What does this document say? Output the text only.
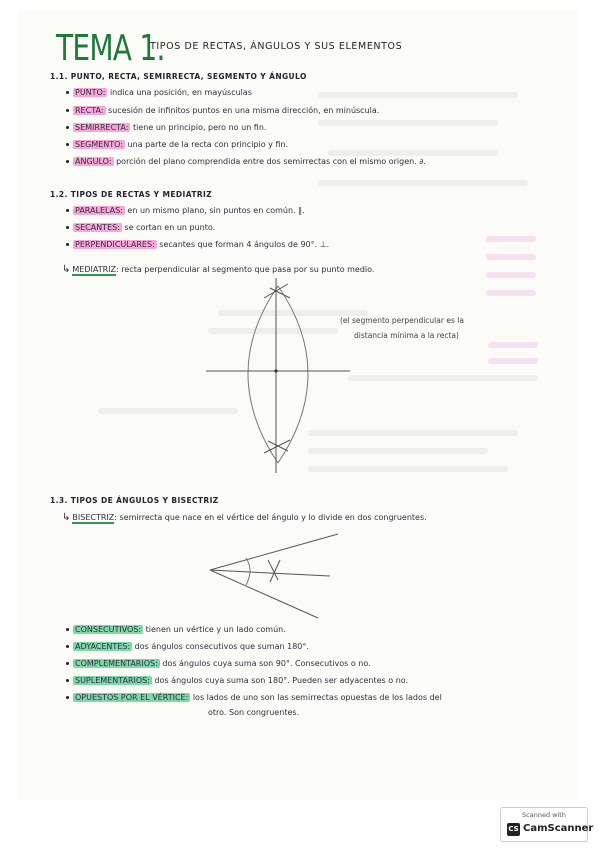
TEMA 1.
TIPOS DE RECTAS, ÁNGULOS Y SUS ELEMENTOS
1.1. PUNTO, RECTA, SEMIRRECTA, SEGMENTO Y ÁNGULO
PUNTO: indica una posición, en mayúsculas
RECTA: sucesión de infinitos puntos en una misma dirección, en minúscula.
SEMIRRECTA: tiene un principio, pero no un fin.
SEGMENTO: una parte de la recta con principio y fin.
ÁNGULO: porción del plano comprendida entre dos semirrectas con el mismo origen. ∂.
1.2. TIPOS DE RECTAS Y MEDIATRIZ
PARALELAS: en un mismo plano, sin puntos en común. ∥.
SECANTES: se cortan en un punto.
PERPENDICULARES: secantes que forman 4 ángulos de 90°. ⊥.
↳ MEDIATRIZ: recta perpendicular al segmento que pasa por su punto medio.
(el segmento perpendicular es la
distancia mínima a la recta)
1.3. TIPOS DE ÁNGULOS Y BISECTRIZ
↳ BISECTRIZ: semirrecta que nace en el vértice del ángulo y lo divide en dos congruentes.
CONSECUTIVOS: tienen un vértice y un lado común.
ADYACENTES: dos ángulos consecutivos que suman 180°.
COMPLEMENTARIOS: dos ángulos cuya suma son 90°. Consecutivos o no.
SUPLEMENTARIOS: dos ángulos cuya suma son 180°. Pueden ser adyacentes o no.
OPUESTOS POR EL VÉRTICE: los lados de uno son las semirrectas opuestas de los lados del
otro. Son congruentes.
Scanned with
CS CamScanner
